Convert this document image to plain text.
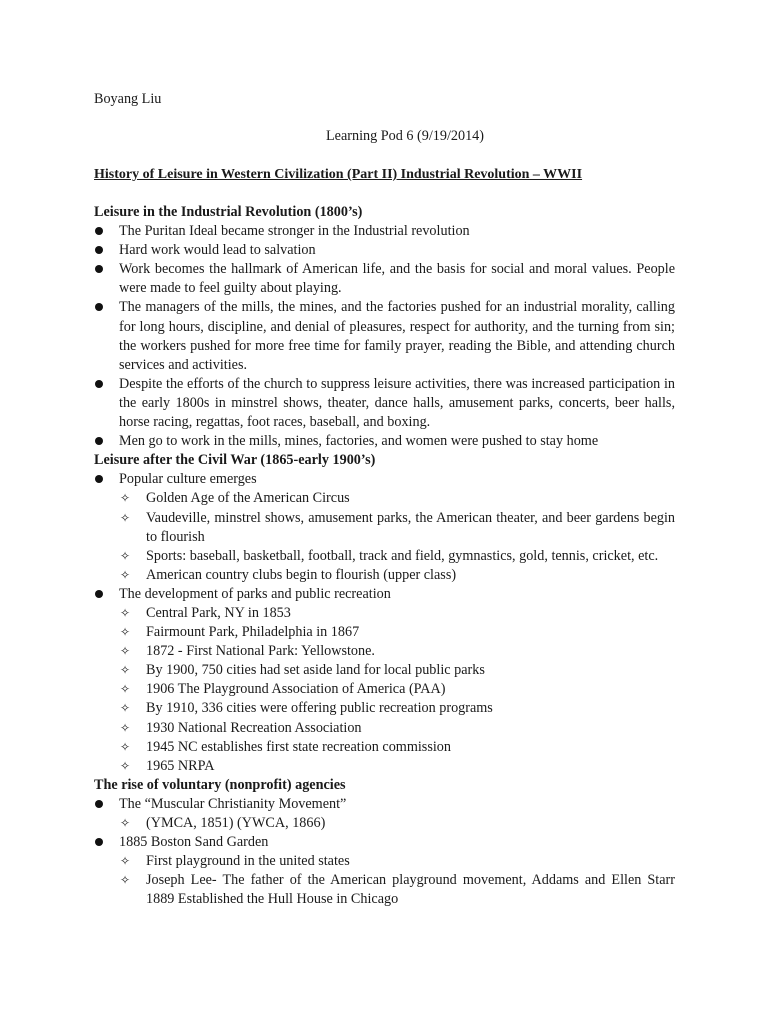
Boyang Liu
Learning Pod 6 (9/19/2014)
History of Leisure in Western Civilization (Part II) Industrial Revolution – WWII
Leisure in the Industrial Revolution (1800’s)
The Puritan Ideal became stronger in the Industrial revolution
Hard work would lead to salvation
Work becomes the hallmark of American life, and the basis for social and moral values. People were made to feel guilty about playing.
The managers of the mills, the mines, and the factories pushed for an industrial morality, calling for long hours, discipline, and denial of pleasures, respect for authority, and the turning from sin; the workers pushed for more free time for family prayer, reading the Bible, and attending church services and activities.
Despite the efforts of the church to suppress leisure activities, there was increased participation in the early 1800s in minstrel shows, theater, dance halls, amusement parks, concerts, beer halls, horse racing, regattas, foot races, baseball, and boxing.
Men go to work in the mills, mines, factories, and women were pushed to stay home
Leisure after the Civil War (1865-early 1900’s)
Popular culture emerges
✧ Golden Age of the American Circus
✧ Vaudeville, minstrel shows, amusement parks, the American theater, and beer gardens begin to flourish
✧ Sports: baseball, basketball, football, track and field, gymnastics, gold, tennis, cricket, etc.
✧ American country clubs begin to flourish (upper class)
The development of parks and public recreation
✧ Central Park, NY in 1853
✧ Fairmount Park, Philadelphia in 1867
✧ 1872 - First National Park: Yellowstone.
✧ By 1900, 750 cities had set aside land for local public parks
✧ 1906 The Playground Association of America (PAA)
✧ By 1910, 336 cities were offering public recreation programs
✧ 1930 National Recreation Association
✧ 1945 NC establishes first state recreation commission
✧ 1965 NRPA
The rise of voluntary (nonprofit) agencies
The “Muscular Christianity Movement”
✧ (YMCA, 1851) (YWCA, 1866)
1885 Boston Sand Garden
✧ First playground in the united states
✧ Joseph Lee- The father of the American playground movement, Addams and Ellen Starr 1889 Established the Hull House in Chicago
